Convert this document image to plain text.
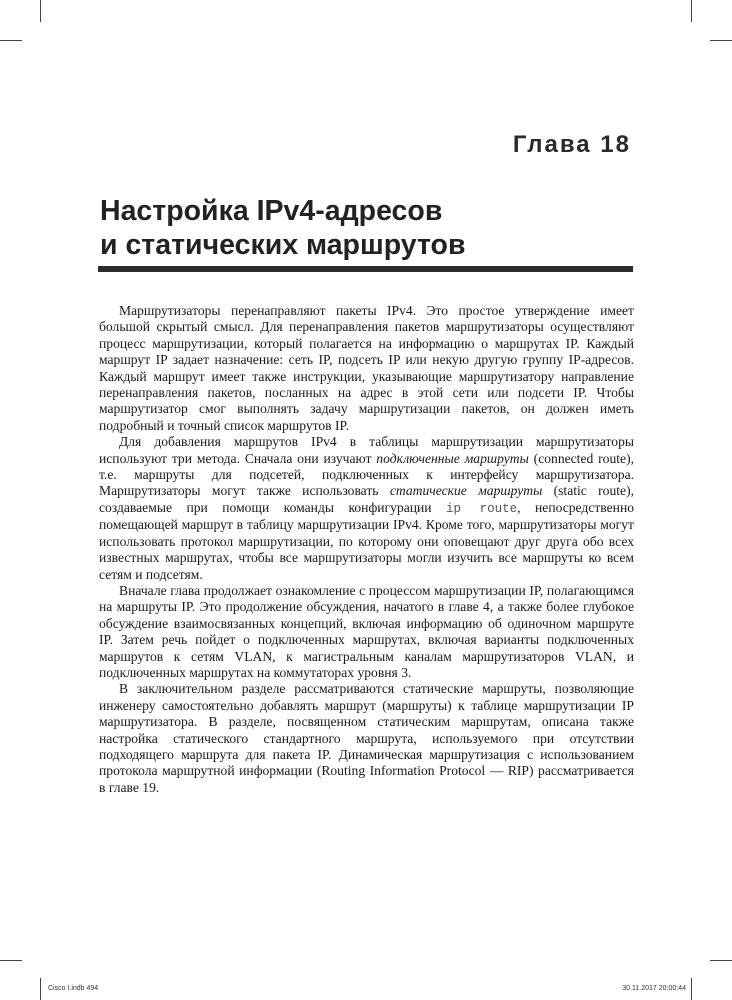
Глава 18
Настройка IPv4-адресов
и статических маршрутов

Маршрутизаторы перенаправляют пакеты IPv4. Это простое утверждение имеет большой скрытый смысл. Для перенаправления пакетов маршрутизаторы осуществляют процесс маршрутизации, который полагается на информацию о маршрутах IP. Каждый маршрут IP задает назначение: сеть IP, подсеть IP или некую другую группу IP-адресов. Каждый маршрут имеет также инструкции, указывающие маршрутизатору направление перенаправления пакетов, посланных на адрес в этой сети или подсети IP. Чтобы маршрутизатор смог выполнять задачу маршрутизации пакетов, он должен иметь подробный и точный список маршрутов IP.

Для добавления маршрутов IPv4 в таблицы маршрутизации маршрутизаторы используют три метода. Сначала они изучают подключенные маршруты (connected route), т.е. маршруты для подсетей, подключенных к интерфейсу маршрутизатора. Маршрутизаторы могут также использовать статические маршруты (static route), создаваемые при помощи команды конфигурации ip route, непосредственно помещающей маршрут в таблицу маршрутизации IPv4. Кроме того, маршрутизаторы могут использовать протокол маршрутизации, по которому они оповещают друг друга обо всех известных маршрутах, чтобы все маршрутизаторы могли изучить все маршруты ко всем сетям и подсетям.

Вначале глава продолжает ознакомление с процессом маршрутизации IP, полагающимся на маршруты IP. Это продолжение обсуждения, начатого в главе 4, а также более глубокое обсуждение взаимосвязанных концепций, включая информацию об одиночном маршруте IP. Затем речь пойдет о подключенных маршрутах, включая варианты подключенных маршрутов к сетям VLAN, к магистральным каналам маршрутизаторов VLAN, и подключенных маршрутах на коммутаторах уровня 3.

В заключительном разделе рассматриваются статические маршруты, позволяющие инженеру самостоятельно добавлять маршрут (маршруты) к таблице маршрутизации IP маршрутизатора. В разделе, посвященном статическим маршрутам, описана также настройка статического стандартного маршрута, используемого при отсутствии подходящего маршрута для пакета IP. Динамическая маршрутизация с использованием протокола маршрутной информации (Routing Information Protocol — RIP) рассматривается в главе 19.

Cisco I.indb 494	30.11.2017 20:00:44
